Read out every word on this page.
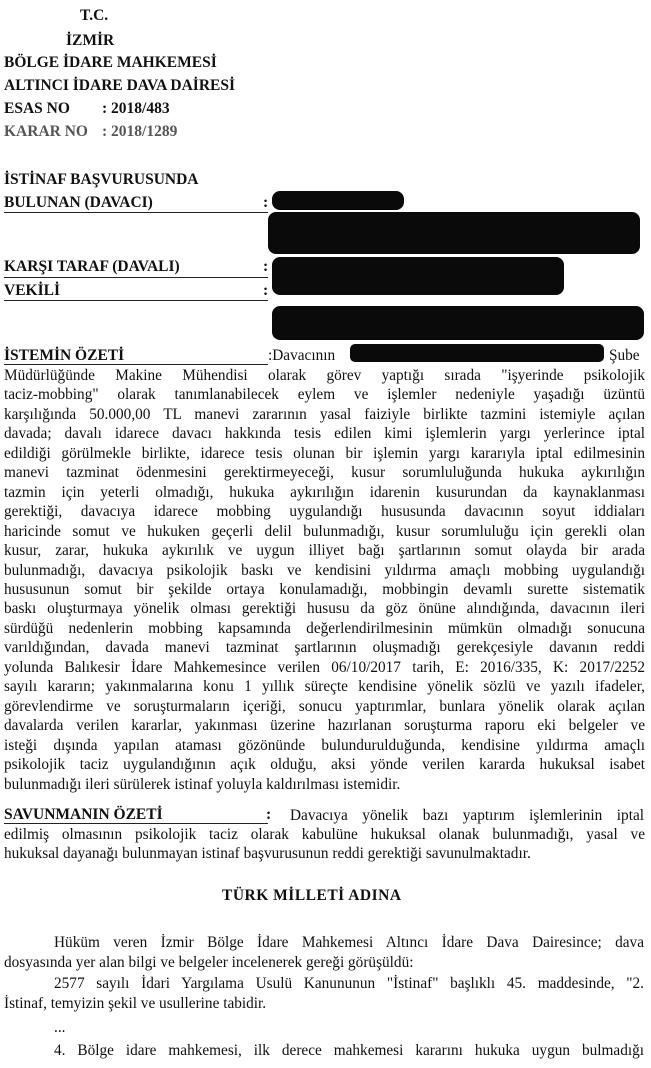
T.C.
İZMİR
BÖLGE İDARE MAHKEMESİ
ALTINCI İDARE DAVA DAİRESİ
ESAS NO : 2018/483
KARAR NO : 2018/1289
İSTİNAF BAŞVURUSUNDA
BULUNAN (DAVACI)	:
KARŞI TARAF (DAVALI)	:
VEKİLİ	:
İSTEMİN ÖZETİ	:Davacının	Şube
Müdürlüğünde Makine Mühendisi olarak görev yaptığı sırada "işyerinde psikolojik
taciz-mobbing" olarak tanımlanabilecek eylem ve işlemler nedeniyle yaşadığı üzüntü
karşılığında 50.000,00 TL manevi zararının yasal faiziyle birlikte tazmini istemiyle açılan
davada; davalı idarece davacı hakkında tesis edilen kimi işlemlerin yargı yerlerince iptal
edildiği görülmekle birlikte, idarece tesis olunan bir işlemin yargı kararıyla iptal edilmesinin
manevi tazminat ödenmesini gerektirmeyeceği, kusur sorumluluğunda hukuka aykırılığın
tazmin için yeterli olmadığı, hukuka aykırılığın idarenin kusurundan da kaynaklanması
gerektiği, davacıya idarece mobbing uygulandığı hususunda davacının soyut iddiaları
haricinde somut ve hukuken geçerli delil bulunmadığı, kusur sorumluluğu için gerekli olan
kusur, zarar, hukuka aykırılık ve uygun illiyet bağı şartlarının somut olayda bir arada
bulunmadığı, davacıya psikolojik baskı ve kendisini yıldırma amaçlı mobbing uygulandığı
hususunun somut bir şekilde ortaya konulamadığı, mobbingin devamlı surette sistematik
baskı oluşturmaya yönelik olması gerektiği hususu da göz önüne alındığında, davacının ileri
sürdüğü nedenlerin mobbing kapsamında değerlendirilmesinin mümkün olmadığı sonucuna
varıldığından, davada manevi tazminat şartlarının oluşmadığı gerekçesiyle davanın reddi
yolunda Balıkesir İdare Mahkemesince verilen 06/10/2017 tarih, E: 2016/335, K: 2017/2252
sayılı kararın; yakınmalarına konu 1 yıllık süreçte kendisine yönelik sözlü ve yazılı ifadeler,
görevlendirme ve soruşturmaların içeriği, sonucu yaptırımlar, bunlara yönelik olarak açılan
davalarda verilen kararlar, yakınması üzerine hazırlanan soruşturma raporu eki belgeler ve
isteği dışında yapılan ataması gözönünde bulundurulduğunda, kendisine yıldırma amaçlı
psikolojik taciz uygulandığının açık olduğu, aksi yönde verilen kararda hukuksal isabet
bulunmadığı ileri sürülerek istinaf yoluyla kaldırılması istemidir.
SAVUNMANIN ÖZETİ	: Davacıya yönelik bazı yaptırım işlemlerinin iptal
edilmiş olmasının psikolojik taciz olarak kabulüne hukuksal olanak bulunmadığı, yasal ve
hukuksal dayanağı bulunmayan istinaf başvurusunun reddi gerektiği savunulmaktadır.
TÜRK MİLLETİ ADINA
Hüküm veren İzmir Bölge İdare Mahkemesi Altıncı İdare Dava Dairesince; dava
dosyasında yer alan bilgi ve belgeler incelenerek gereği görüşüldü:
2577 sayılı İdari Yargılama Usulü Kanununun "İstinaf" başlıklı 45. maddesinde, "2.
İstinaf, temyizin şekil ve usullerine tabidir.
...
4. Bölge idare mahkemesi, ilk derece mahkemesi kararını hukuka uygun bulmadığı
